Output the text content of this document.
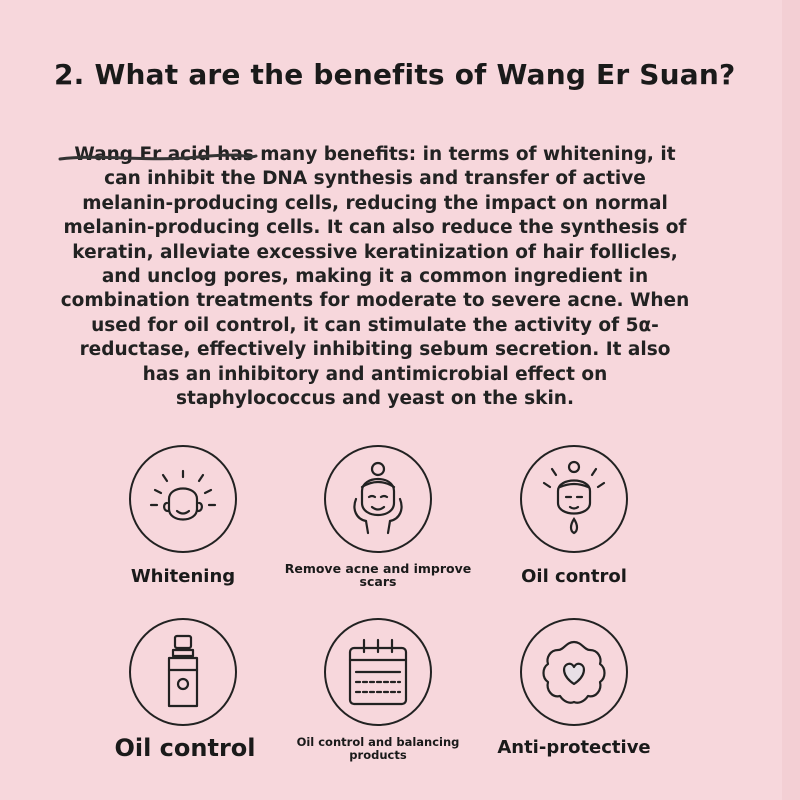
2. What are the benefits of Wang Er Suan?
Wang Er acid has many benefits: in terms of whitening, it can inhibit the DNA synthesis and transfer of active melanin-producing cells, reducing the impact on normal melanin-producing cells. It can also reduce the synthesis of keratin, alleviate excessive keratinization of hair follicles, and unclog pores, making it a common ingredient in combination treatments for moderate to severe acne. When used for oil control, it can stimulate the activity of 5α-reductase, effectively inhibiting sebum secretion. It also has an inhibitory and antimicrobial effect on staphylococcus and yeast on the skin.
Whitening	Remove acne and improve scars	Oil control
Oil control	Oil control and balancing products	Anti-protective
